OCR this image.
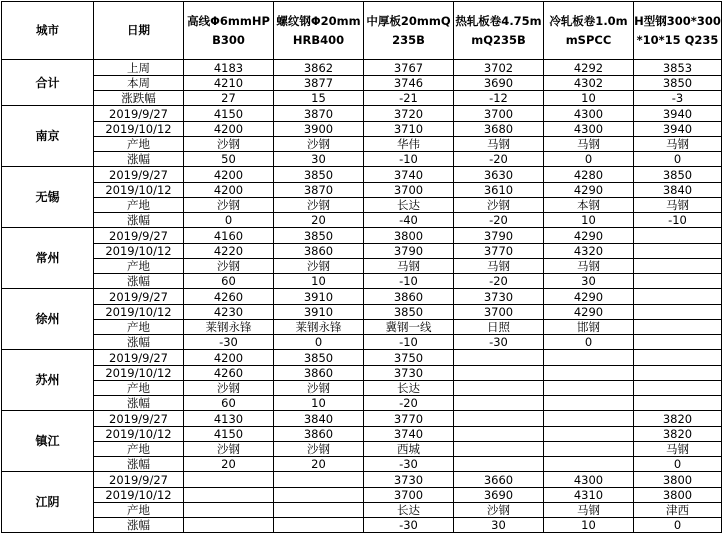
城市	日期	高线Φ6mmHPB300	螺纹钢Φ20mmHRB400	中厚板20mmQ235B	热轧板卷4.75mmQ235B	冷轧板卷1.0mmSPCC	H型钢300*300*10*15 Q235
合计	上周	4183	3862	3767	3702	4292	3853
	本周	4210	3877	3746	3690	4302	3850
	涨跌幅	27	15	-21	-12	10	-3
南京	2019/9/27	4150	3870	3720	3700	4300	3940
	2019/10/12	4200	3900	3710	3680	4300	3940
	产地	沙钢	沙钢	华伟	马钢	马钢	马钢
	涨幅	50	30	-10	-20	0	0
无锡	2019/9/27	4200	3850	3740	3630	4280	3850
	2019/10/12	4200	3870	3700	3610	4290	3840
	产地	沙钢	沙钢	长达	沙钢	本钢	马钢
	涨幅	0	20	-40	-20	10	-10
常州	2019/9/27	4160	3850	3800	3790	4290	
	2019/10/12	4220	3860	3790	3770	4320	
	产地	沙钢	沙钢	马钢	马钢	马钢	
	涨幅	60	10	-10	-20	30	
徐州	2019/9/27	4260	3910	3860	3730	4290	
	2019/10/12	4230	3910	3850	3700	4290	
	产地	莱钢永锋	莱钢永锋	冀钢一线	日照	邯钢	
	涨幅	-30	0	-10	-30	0	
苏州	2019/9/27	4200	3850	3750			
	2019/10/12	4260	3860	3730			
	产地	沙钢	沙钢	长达			
	涨幅	60	10	-20			
镇江	2019/9/27	4130	3840	3770			3820
	2019/10/12	4150	3860	3740			3820
	产地	沙钢	沙钢	西城			马钢
	涨幅	20	20	-30			0
江阴	2019/9/27			3730	3660	4300	3800
	2019/10/12			3700	3690	4310	3800
	产地			长达	沙钢	马钢	津西
	涨幅			-30	30	10	0
